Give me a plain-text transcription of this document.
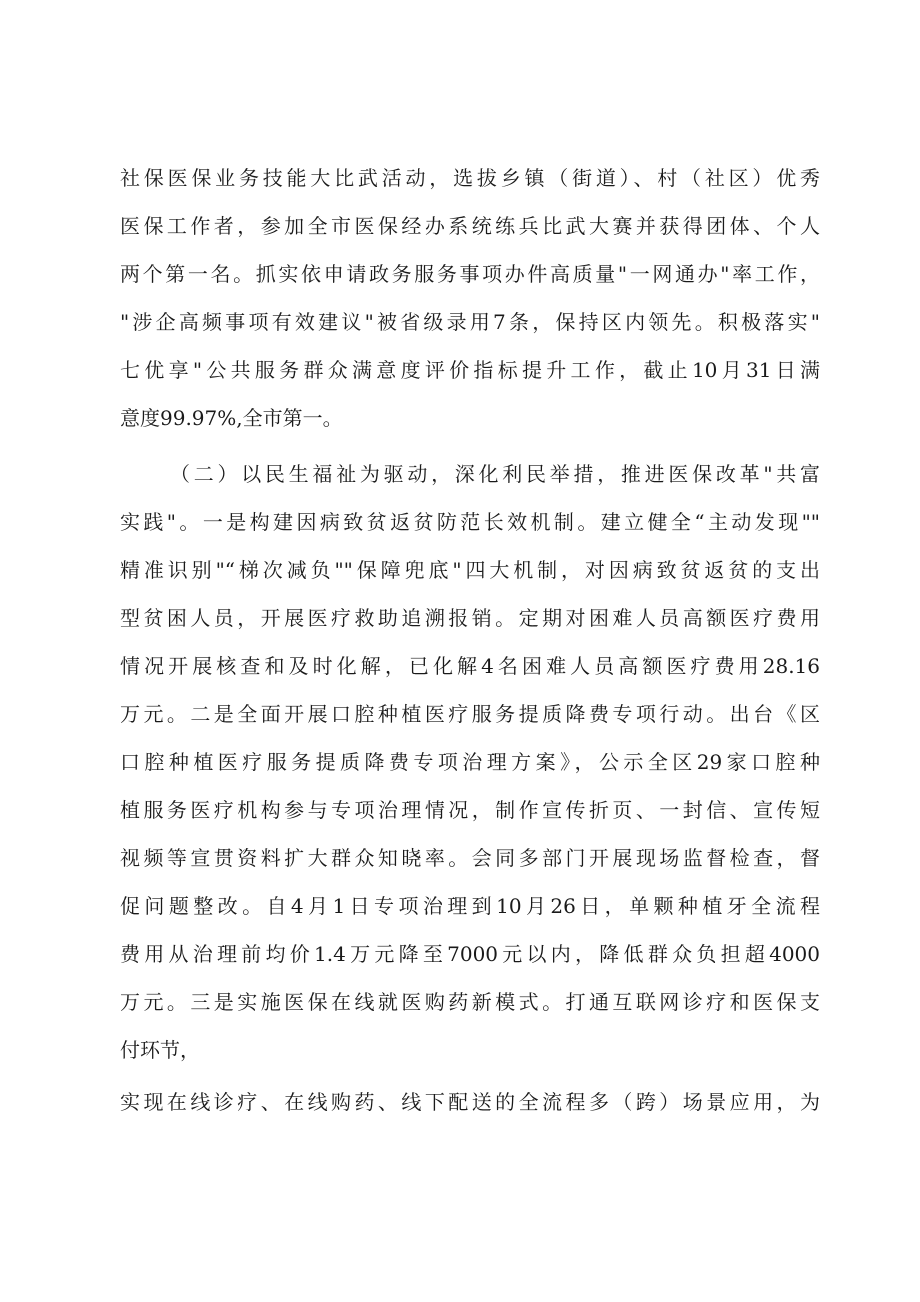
社保医保业务技能大比武活动，选拔乡镇（街道）、村（社区）优秀
医保工作者，参加全市医保经办系统练兵比武大赛并获得团体、个人
两个第一名。抓实依申请政务服务事项办件高质量"一网通办"率工作，
"涉企高频事项有效建议"被省级录用7条，保持区内领先。积极落实"
七优享"公共服务群众满意度评价指标提升工作，截止10月31日满
意度99.97%,全市第一。
（二）以民生福祉为驱动，深化利民举措，推进医保改革"共富
实践"。一是构建因病致贫返贫防范长效机制。建立健全“主动发现""
精准识别"“梯次减负""保障兜底"四大机制，对因病致贫返贫的支出
型贫困人员，开展医疗救助追溯报销。定期对困难人员高额医疗费用
情况开展核查和及时化解，已化解4名困难人员高额医疗费用28.16
万元。二是全面开展口腔种植医疗服务提质降费专项行动。出台《区
口腔种植医疗服务提质降费专项治理方案》，公示全区29家口腔种
植服务医疗机构参与专项治理情况，制作宣传折页、一封信、宣传短
视频等宣贯资料扩大群众知晓率。会同多部门开展现场监督检查，督
促问题整改。自4月1日专项治理到10月26日，单颗种植牙全流程
费用从治理前均价1.4万元降至7000元以内，降低群众负担超4000
万元。三是实施医保在线就医购药新模式。打通互联网诊疗和医保支
付环节，
实现在线诊疗、在线购药、线下配送的全流程多（跨）场景应用，为
